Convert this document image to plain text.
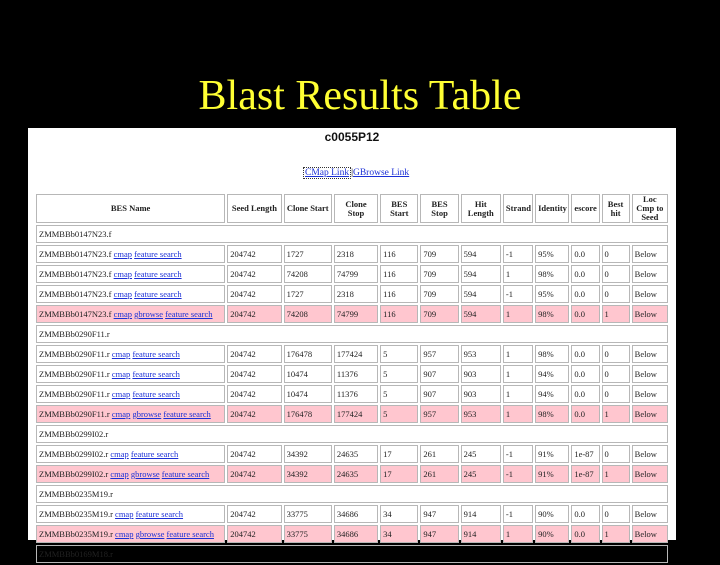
Blast Results Table
c0055P12
CMap Link |GBrowse Link
BES Name	Seed Length	Clone Start	Clone Stop	BES Start	BES Stop	Hit Length	Strand	Identity	escore	Best hit	Loc Cmp to Seed
ZMMBBb0147N23.f											
ZMMBBb0147N23.f cmap feature search	204742	1727	2318	116	709	594	-1	95%	0.0	0	Below
ZMMBBb0147N23.f cmap feature search	204742	74208	74799	116	709	594	1	98%	0.0	0	Below
ZMMBBb0147N23.f cmap feature search	204742	1727	2318	116	709	594	-1	95%	0.0	0	Below
ZMMBBb0147N23.f cmap gbrowse feature search	204742	74208	74799	116	709	594	1	98%	0.0	1	Below
ZMMBBb0290F11.r											
ZMMBBb0290F11.r cmap feature search	204742	176478	177424	5	957	953	1	98%	0.0	0	Below
ZMMBBb0290F11.r cmap feature search	204742	10474	11376	5	907	903	1	94%	0.0	0	Below
ZMMBBb0290F11.r cmap feature search	204742	10474	11376	5	907	903	1	94%	0.0	0	Below
ZMMBBb0290F11.r cmap gbrowse feature search	204742	176478	177424	5	957	953	1	98%	0.0	1	Below
ZMMBBb0299I02.r											
ZMMBBb0299I02.r cmap feature search	204742	34392	24635	17	261	245	-1	91%	1e-87	0	Below
ZMMBBb0299I02.r cmap gbrowse feature search	204742	34392	24635	17	261	245	-1	91%	1e-87	1	Below
ZMMBBb0235M19.r											
ZMMBBb0235M19.r cmap feature search	204742	33775	34686	34	947	914	-1	90%	0.0	0	Below
ZMMBBb0235M19.r cmap gbrowse feature search	204742	33775	34686	34	947	914	1	90%	0.0	1	Below
ZMMBBb0169M18.r											
